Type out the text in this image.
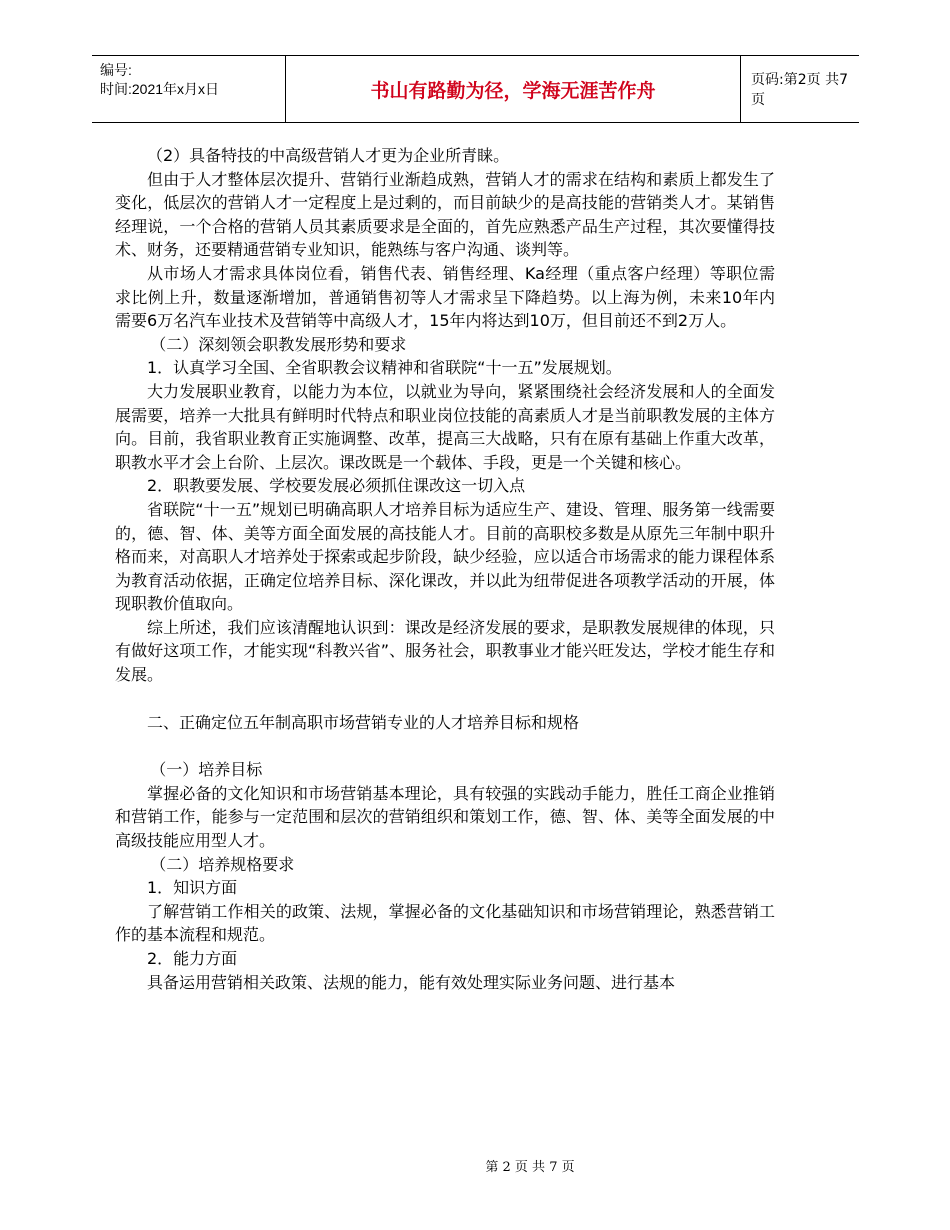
编号:
时间:2021年x月x日	书山有路勤为径，学海无涯苦作舟	页码:第2页 共7页

（2）具备特技的中高级营销人才更为企业所青睐。

但由于人才整体层次提升、营销行业渐趋成熟，营销人才的需求在结构和素质上都发生了变化，低层次的营销人才一定程度上是过剩的，而目前缺少的是高技能的营销类人才。某销售经理说，一个合格的营销人员其素质要求是全面的，首先应熟悉产品生产过程，其次要懂得技术、财务，还要精通营销专业知识，能熟练与客户沟通、谈判等。

从市场人才需求具体岗位看，销售代表、销售经理、Ka经理（重点客户经理）等职位需求比例上升，数量逐渐增加，普通销售初等人才需求呈下降趋势。以上海为例，未来10年内需要6万名汽车业技术及营销等中高级人才，15年内将达到10万，但目前还不到2万人。

（二）深刻领会职教发展形势和要求

1．认真学习全国、全省职教会议精神和省联院“十一五”发展规划。

大力发展职业教育，以能力为本位，以就业为导向，紧紧围绕社会经济发展和人的全面发展需要，培养一大批具有鲜明时代特点和职业岗位技能的高素质人才是当前职教发展的主体方向。目前，我省职业教育正实施调整、改革，提高三大战略，只有在原有基础上作重大改革，职教水平才会上台阶、上层次。课改既是一个载体、手段，更是一个关键和核心。

2．职教要发展、学校要发展必须抓住课改这一切入点

省联院“十一五”规划已明确高职人才培养目标为适应生产、建设、管理、服务第一线需要的，德、智、体、美等方面全面发展的高技能人才。目前的高职校多数是从原先三年制中职升格而来，对高职人才培养处于探索或起步阶段，缺少经验，应以适合市场需求的能力课程体系为教育活动依据，正确定位培养目标、深化课改，并以此为纽带促进各项教学活动的开展，体现职教价值取向。

综上所述，我们应该清醒地认识到：课改是经济发展的要求，是职教发展规律的体现，只有做好这项工作，才能实现“科教兴省”、服务社会，职教事业才能兴旺发达，学校才能生存和发展。

二、正确定位五年制高职市场营销专业的人才培养目标和规格

（一）培养目标

掌握必备的文化知识和市场营销基本理论，具有较强的实践动手能力，胜任工商企业推销和营销工作，能参与一定范围和层次的营销组织和策划工作，德、智、体、美等全面发展的中高级技能应用型人才。

（二）培养规格要求

1．知识方面

了解营销工作相关的政策、法规，掌握必备的文化基础知识和市场营销理论，熟悉营销工作的基本流程和规范。

2．能力方面

具备运用营销相关政策、法规的能力，能有效处理实际业务问题、进行基本

第 2 页 共 7 页
